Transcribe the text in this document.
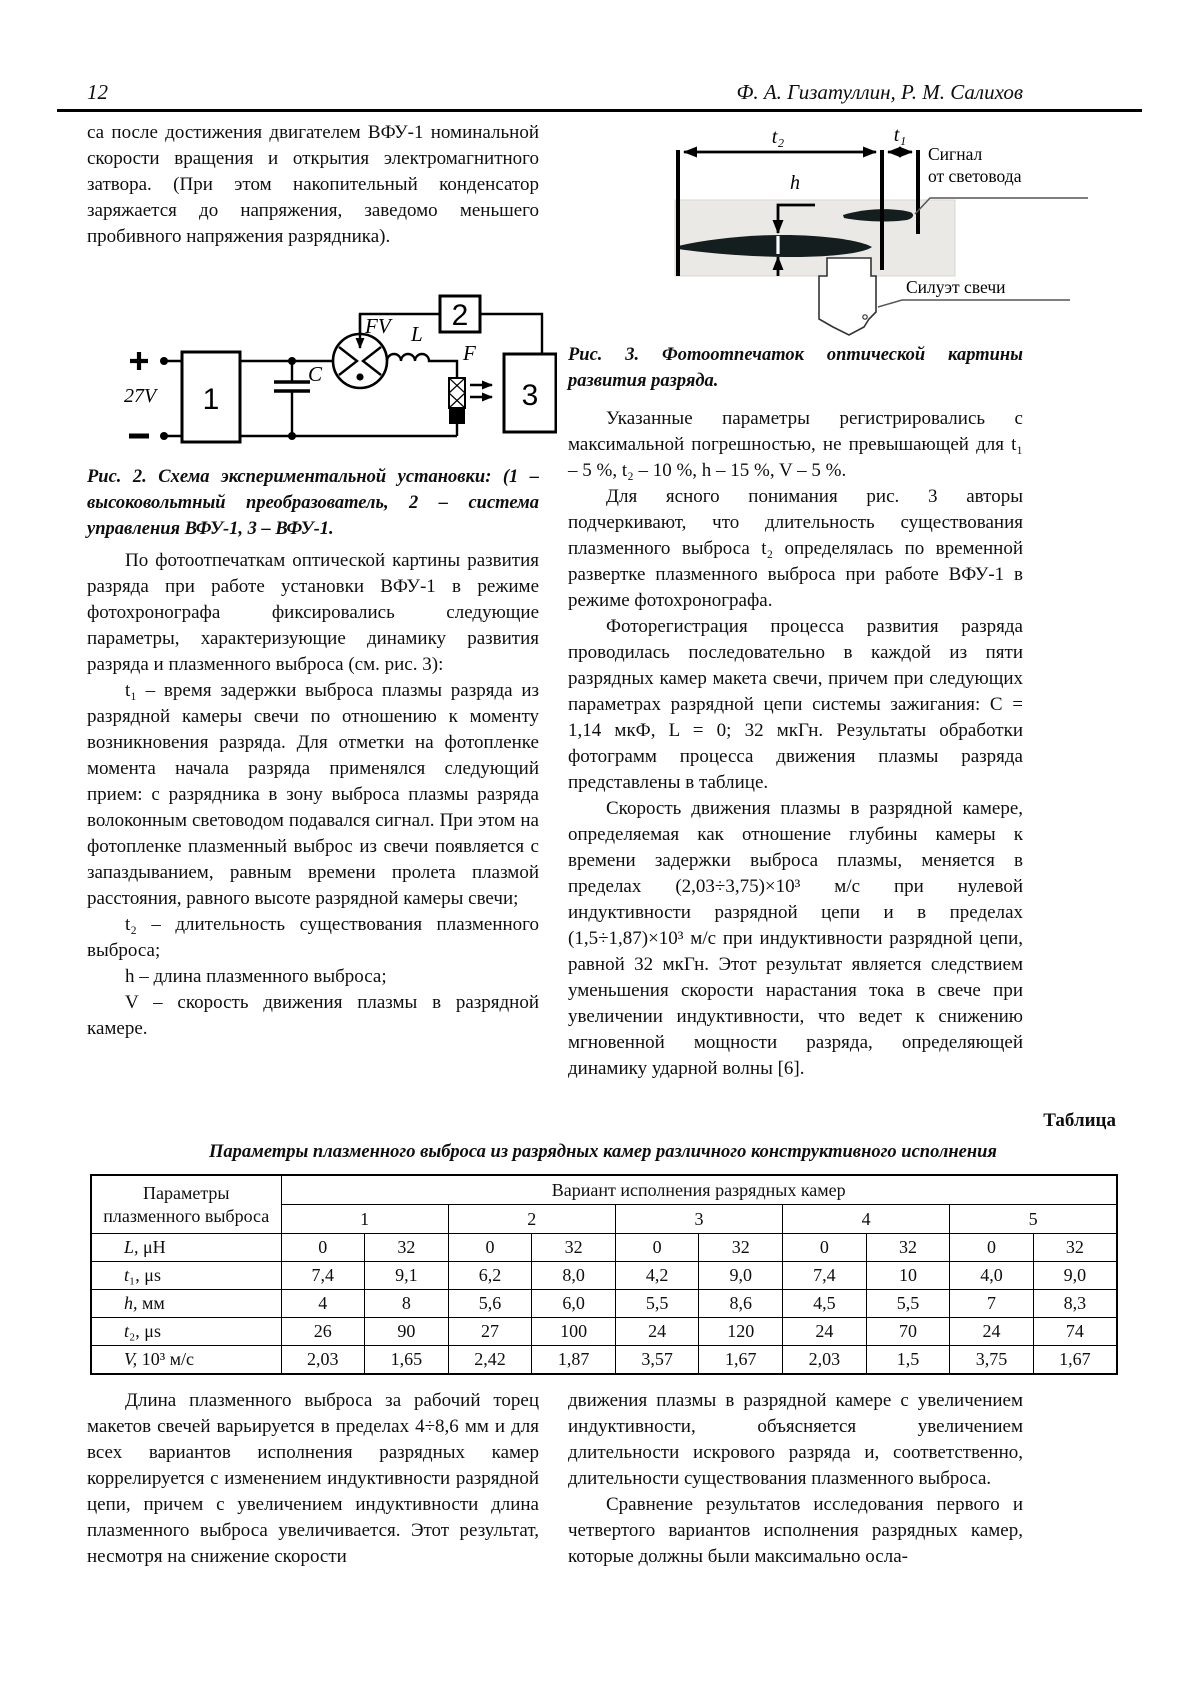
12	Ф. А. Гизатуллин, Р. М. Салихов

са после достижения двигателем ВФУ-1 номинальной скорости вращения и открытия электромагнитного затвора. (При этом накопительный конденсатор заряжается до напряжения, заведомо меньшего пробивного напряжения разрядника).

27V
C
FV L
F
1
2
3

Рис. 2. Схема экспериментальной установки: (1 – высоковольтный преобразователь, 2 – система управления ВФУ-1, 3 – ВФУ-1.

По фотоотпечаткам оптической картины развития разряда при работе установки ВФУ-1 в режиме фотохронографа фиксировались следующие параметры, характеризующие динамику развития разряда и плазменного выброса (см. рис. 3):

t₁ – время задержки выброса плазмы разряда из разрядной камеры свечи по отношению к моменту возникновения разряда. Для отметки на фотопленке момента начала разряда применялся следующий прием: с разрядника в зону выброса плазмы разряда волоконным световодом подавался сигнал. При этом на фотопленке плазменный выброс из свечи появляется с запаздыванием, равным времени пролета плазмой расстояния, равного высоте разрядной камеры свечи;

t₂ – длительность существования плазменного выброса;

h – длина плазменного выброса;

V – скорость движения плазмы в разрядной камере.

t₂	t₁
h
Сигнал
от световода
Силуэт свечи

Рис. 3. Фотоотпечаток оптической картины развития разряда.

Указанные параметры регистрировались с максимальной погрешностью, не превышающей для t₁ – 5 %, t₂ – 10 %, h – 15 %, V – 5 %.

Для ясного понимания рис. 3 авторы подчеркивают, что длительность существования плазменного выброса t₂ определялась по временной развертке плазменного выброса при работе ВФУ-1 в режиме фотохронографа.

Фоторегистрация процесса развития разряда проводилась последовательно в каждой из пяти разрядных камер макета свечи, причем при следующих параметрах разрядной цепи системы зажигания: C = 1,14 мкФ, L = 0; 32 мкГн. Результаты обработки фотограмм процесса движения плазмы разряда представлены в таблице.

Скорость движения плазмы в разрядной камере, определяемая как отношение глубины камеры к времени задержки выброса плазмы, меняется в пределах (2,03÷3,75)×10³ м/с при нулевой индуктивности разрядной цепи и в пределах (1,5÷1,87)×10³ м/с при индуктивности разрядной цепи, равной 32 мкГн. Этот результат является следствием уменьшения скорости нарастания тока в свече при увеличении индуктивности, что ведет к снижению мгновенной мощности разряда, определяющей динамику ударной волны [6].

Таблица
Параметры плазменного выброса из разрядных камер различного конструктивного исполнения
Параметры
плазменного выброса	Вариант исполнения разрядных камер									
	1		2		3		4		5	
L, μH	0	32	0	32	0	32	0	32	0	32
t₁, μs	7,4	9,1	6,2	8,0	4,2	9,0	7,4	10	4,0	9,0
h, мм	4	8	5,6	6,0	5,5	8,6	4,5	5,5	7	8,3
t₂, μs	26	90	27	100	24	120	24	70	24	74
V, 10³ м/с	2,03	1,65	2,42	1,87	3,57	1,67	2,03	1,5	3,75	1,67

Длина плазменного выброса за рабочий торец макетов свечей варьируется в пределах 4÷8,6 мм и для всех вариантов исполнения разрядных камер коррелируется с изменением индуктивности разрядной цепи, причем с увеличением индуктивности длина плазменного выброса увеличивается. Этот результат, несмотря на снижение скорости

движения плазмы в разрядной камере с увеличением индуктивности, объясняется увеличением длительности искрового разряда и, соответственно, длительности существования плазменного выброса.

Сравнение результатов исследования первого и четвертого вариантов исполнения разрядных камер, которые должны были максимально осла-
